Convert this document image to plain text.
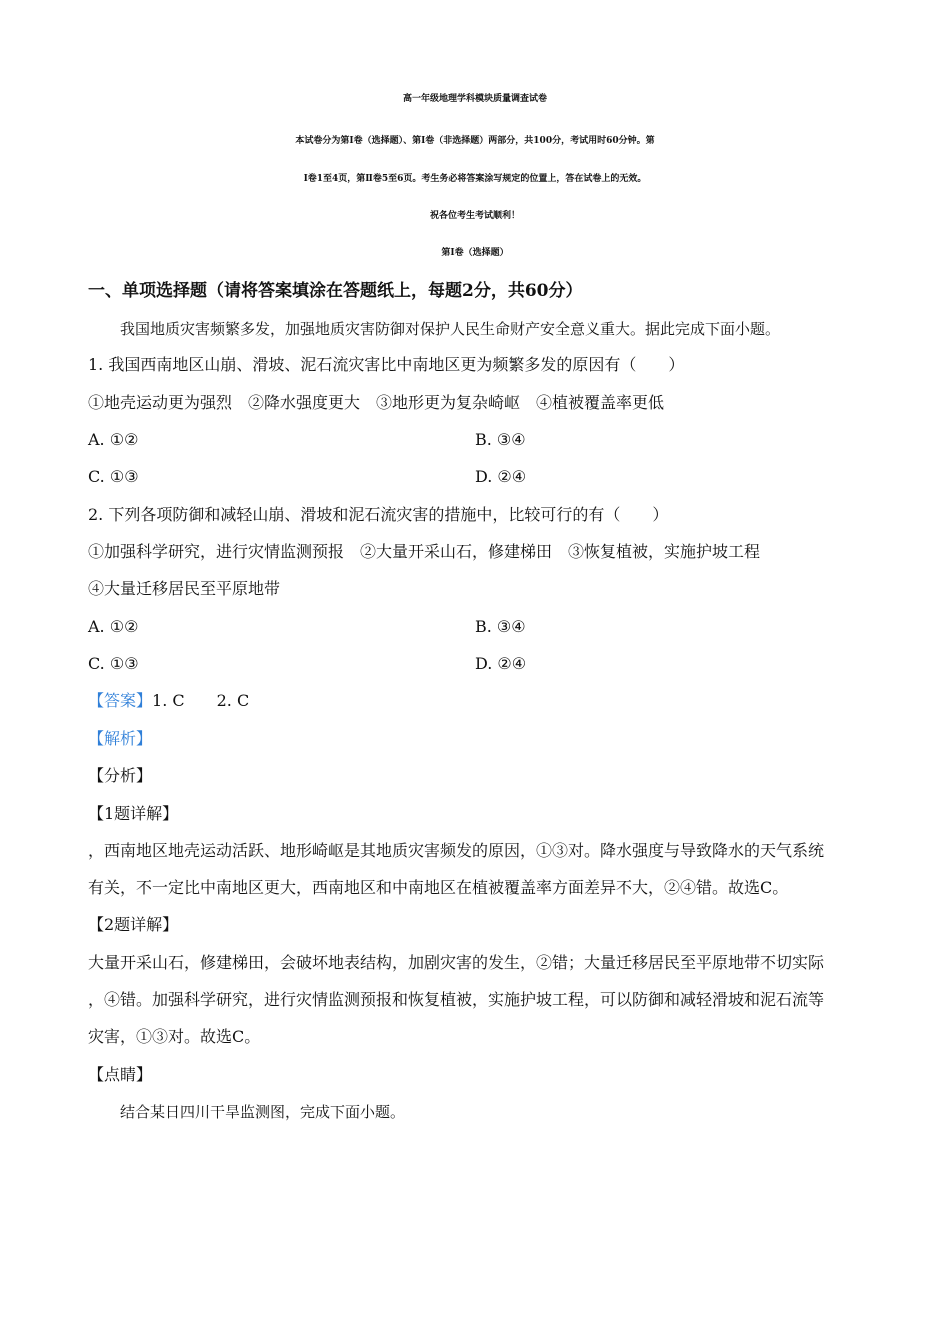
高一年级地理学科模块质量调查试卷
本试卷分为第Ⅰ卷（选择题）、第Ⅰ卷（非选择题）两部分，共100分，考试用时60分钟。第
Ⅰ卷1至4页，第Ⅱ卷5至6页。考生务必将答案涂写规定的位置上，答在试卷上的无效。
祝各位考生考试顺利！
第Ⅰ卷（选择题）
一、单项选择题（请将答案填涂在答题纸上，每题2分，共60分）
我国地质灾害频繁多发，加强地质灾害防御对保护人民生命财产安全意义重大。据此完成下面小题。
1. 我国西南地区山崩、滑坡、泥石流灾害比中南地区更为频繁多发的原因有（　　）
①地壳运动更为强烈　②降水强度更大　③地形更为复杂崎岖　④植被覆盖率更低
A. ①②	B. ③④
C. ①③	D. ②④
2. 下列各项防御和减轻山崩、滑坡和泥石流灾害的措施中，比较可行的有（　　）
①加强科学研究，进行灾情监测预报　②大量开采山石，修建梯田　③恢复植被，实施护坡工程
④大量迁移居民至平原地带
A. ①②	B. ③④
C. ①③	D. ②④
【答案】1. C　　2. C
【解析】
【分析】
【1题详解】
，西南地区地壳运动活跃、地形崎岖是其地质灾害频发的原因，①③对。降水强度与导致降水的天气系统
有关，不一定比中南地区更大，西南地区和中南地区在植被覆盖率方面差异不大，②④错。故选C。
【2题详解】
大量开采山石，修建梯田，会破坏地表结构，加剧灾害的发生，②错；大量迁移居民至平原地带不切实际
，④错。加强科学研究，进行灾情监测预报和恢复植被，实施护坡工程，可以防御和减轻滑坡和泥石流等
灾害，①③对。故选C。
【点睛】
结合某日四川干旱监测图，完成下面小题。
